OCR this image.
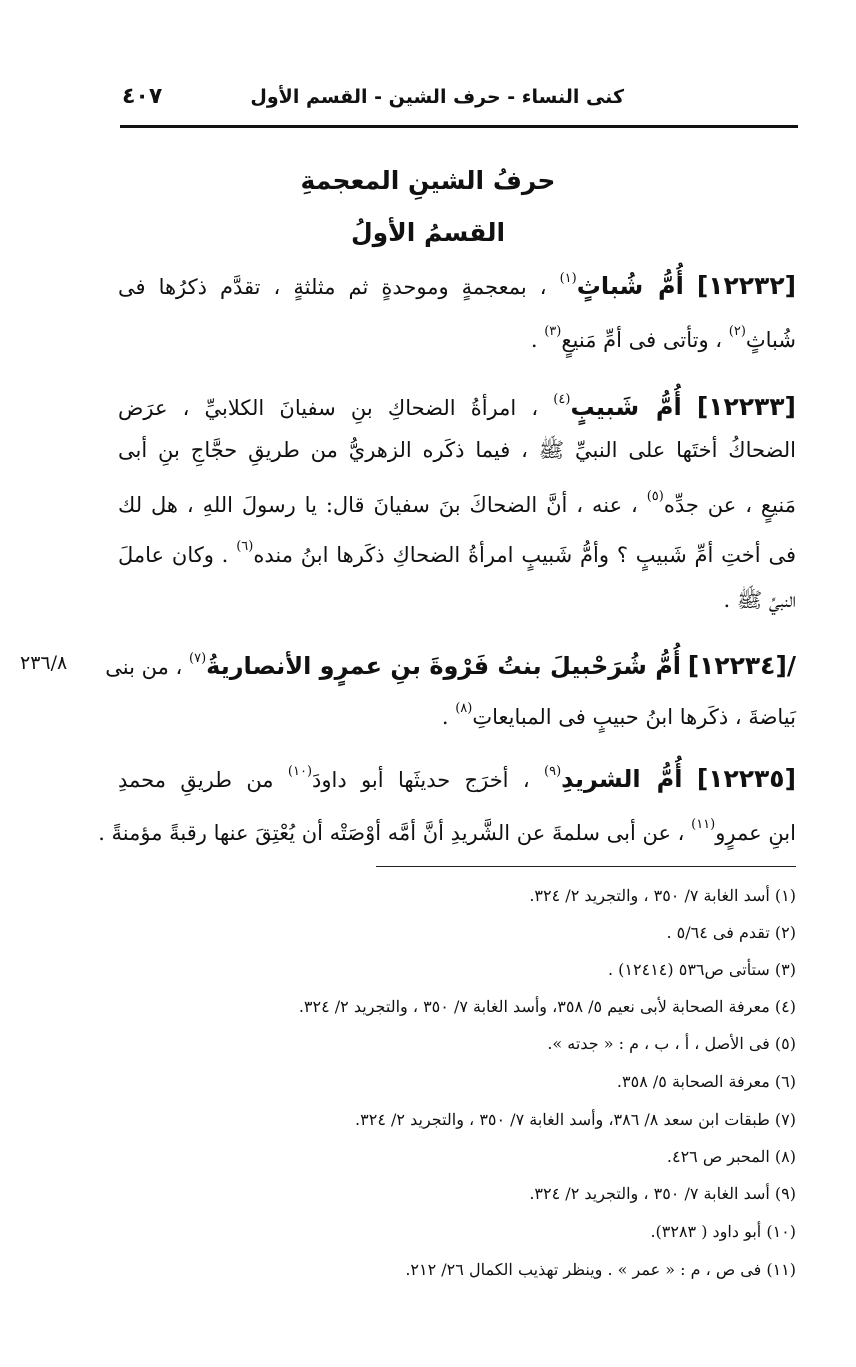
كنى النساء - حرف الشين - القسم الأول
٤٠٧
حرفُ الشينِ المعجمةِ
القسمُ الأولُ
[١٢٢٣٢] أُمُّ شُباثٍ$^{(١)}$ ، بمعجمةٍ وموحدةٍ ثم مثلثةٍ ، تقدَّم ذكرُها فى
شُباثٍ$^{(٢)}$ ، وتأتى فى أمِّ مَنيعٍ$^{(٣)}$ .
[١٢٢٣٣] أُمُّ شَبيبٍ$^{(٤)}$ ، امرأةُ الضحاكِ بنِ سفيانَ الكلابيِّ ، عرَض
الضحاكُ أختَها على النبيِّ ﷺ ، فيما ذكَره الزهريُّ من طريقِ حجَّاجِ بنِ أبى
مَنيعٍ ، عن جدِّه$^{(٥)}$ ، عنه ، أنَّ الضحاكَ بنَ سفيانَ قال: يا رسولَ اللهِ ، هل لك
فى أختِ أمِّ شَبيبٍ ؟ وأمُّ شَبيبٍ امرأةُ الضحاكِ ذكَرها ابنُ منده$^{(٦)}$ . وكان عاملَ
النبيِّ ﷺ .
/[١٢٢٣٤] أُمُّ شُرَحْبيلَ بنتُ فَرْوةَ بنِ عمرٍو الأنصاريةُ$^{(٧)}$ ، من بنى
٢٣٦/٨
بَياضةَ ، ذكَرها ابنُ حبيبٍ فى المبايعاتِ$^{(٨)}$ .
[١٢٢٣٥] أُمُّ الشريدِ$^{(٩)}$ ، أخرَج حديثَها أبو داودَ$^{(١٠)}$ من طريقِ محمدِ
ابنِ عمرٍو$^{(١١)}$ ، عن أبى سلمةَ عن الشَّريدِ أنَّ أمَّه أوْصَتْه أن يُعْتِقَ عنها رقبةً مؤمنةً .
(١) أسد الغابة ٧/ ٣٥٠ ، والتجريد ٢/ ٣٢٤.
(٢) تقدم فى ٥/٦٤ .
(٣) ستأتى ص٥٣٦ (١٢٤١٤) .
(٤) معرفة الصحابة لأبى نعيم ٥/ ٣٥٨، وأسد الغابة ٧/ ٣٥٠ ، والتجريد ٢/ ٣٢٤.
(٥) فى الأصل ، أ ، ب ، م : « جدته ».
(٦) معرفة الصحابة ٥/ ٣٥٨.
(٧) طبقات ابن سعد ٨/ ٣٨٦، وأسد الغابة ٧/ ٣٥٠ ، والتجريد ٢/ ٣٢٤.
(٨) المحبر ص ٤٢٦.
(٩) أسد الغابة ٧/ ٣٥٠ ، والتجريد ٢/ ٣٢٤.
(١٠) أبو داود ( ٣٢٨٣).
(١١) فى ص ، م : « عمر » . وينظر تهذيب الكمال ٢٦/ ٢١٢.
